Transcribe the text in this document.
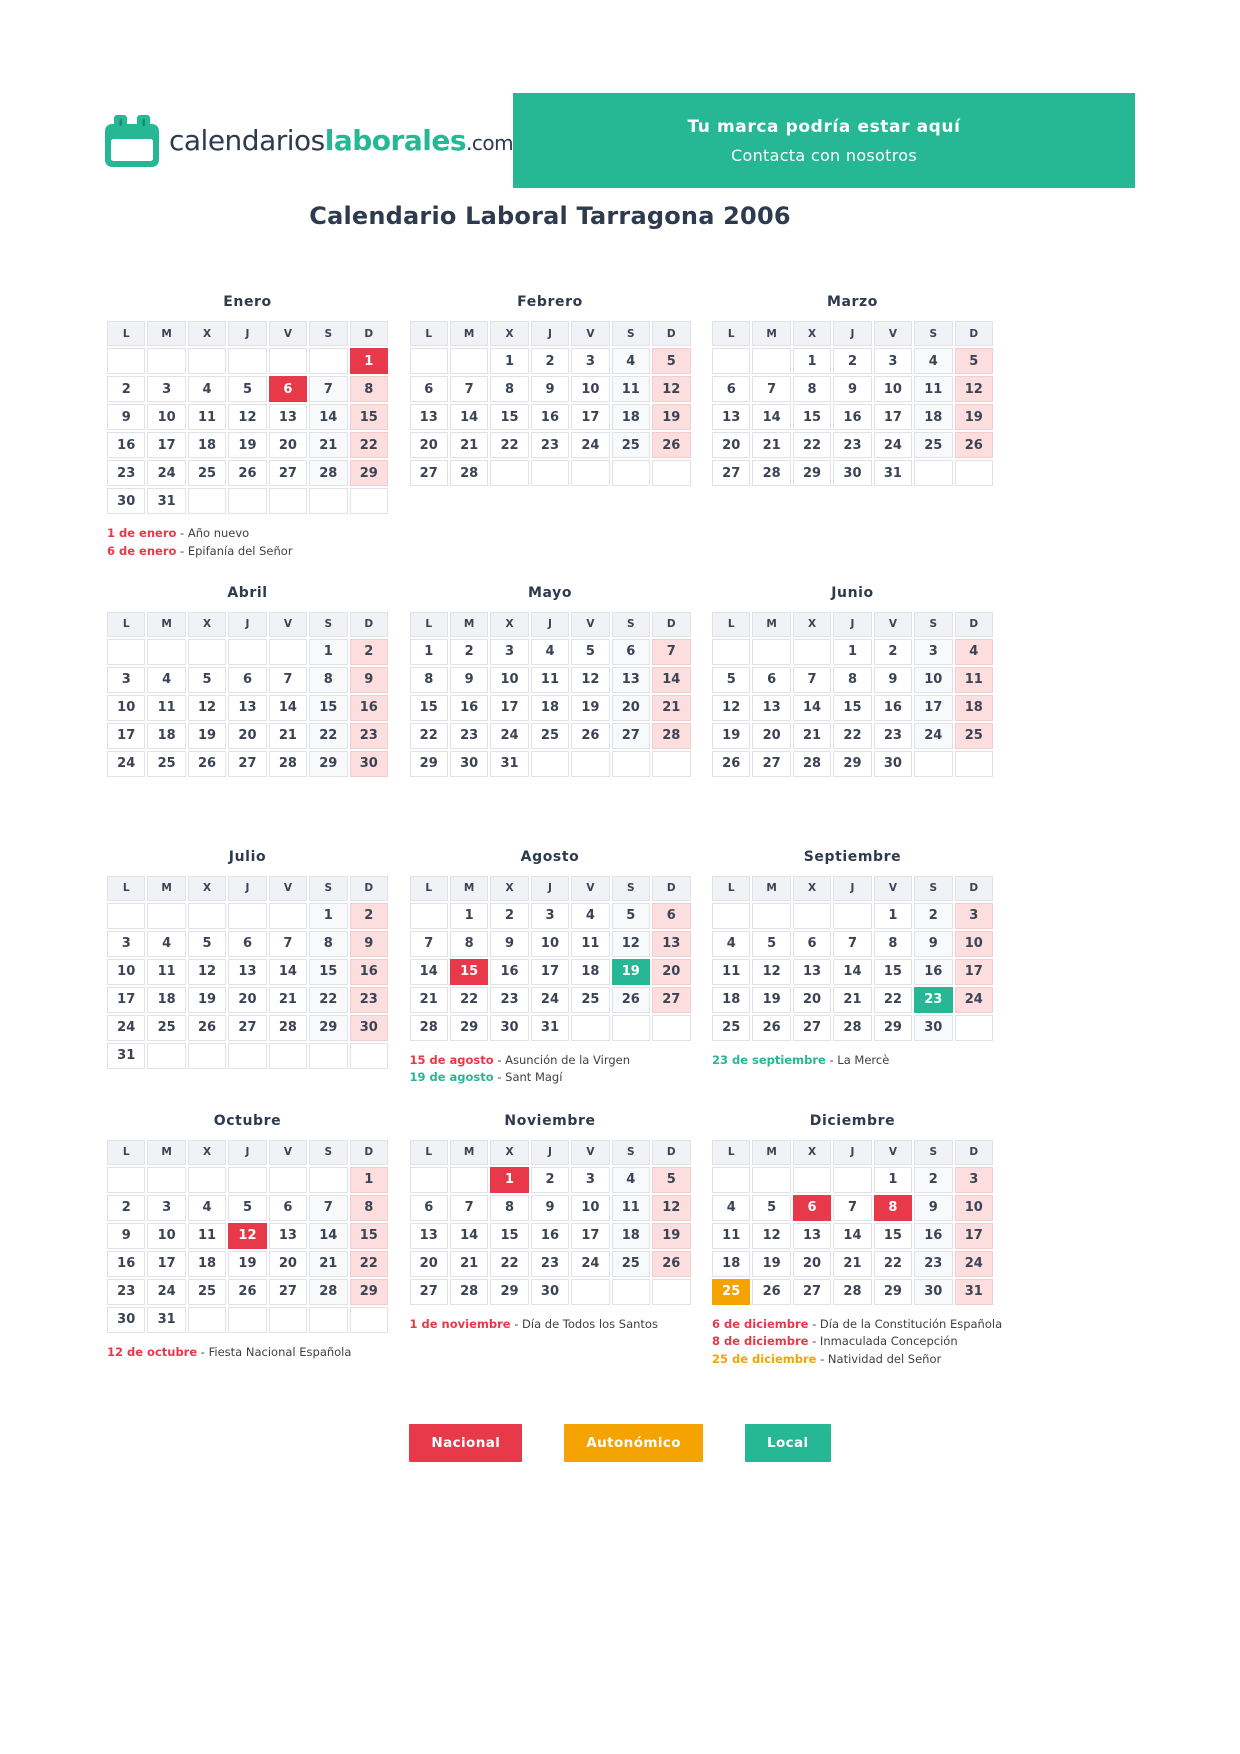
calendarioslaborales.com
Tu marca podría estar aquí
Contacta con nosotros
Calendario Laboral Tarragona 2006
Enero
L	M	X	J	V	S	D
						1
2	3	4	5	6	7	8
9	10	11	12	13	14	15
16	17	18	19	20	21	22
23	24	25	26	27	28	29
30	31					
1 de enero - Año nuevo
6 de enero - Epifanía del Señor
Febrero
L	M	X	J	V	S	D
		1	2	3	4	5
6	7	8	9	10	11	12
13	14	15	16	17	18	19
20	21	22	23	24	25	26
27	28					
Marzo
L	M	X	J	V	S	D
		1	2	3	4	5
6	7	8	9	10	11	12
13	14	15	16	17	18	19
20	21	22	23	24	25	26
27	28	29	30	31		
Abril
L	M	X	J	V	S	D
					1	2
3	4	5	6	7	8	9
10	11	12	13	14	15	16
17	18	19	20	21	22	23
24	25	26	27	28	29	30
Mayo
L	M	X	J	V	S	D
1	2	3	4	5	6	7
8	9	10	11	12	13	14
15	16	17	18	19	20	21
22	23	24	25	26	27	28
29	30	31				
Junio
L	M	X	J	V	S	D
			1	2	3	4
5	6	7	8	9	10	11
12	13	14	15	16	17	18
19	20	21	22	23	24	25
26	27	28	29	30		
Julio
L	M	X	J	V	S	D
					1	2
3	4	5	6	7	8	9
10	11	12	13	14	15	16
17	18	19	20	21	22	23
24	25	26	27	28	29	30
31						
Agosto
L	M	X	J	V	S	D
	1	2	3	4	5	6
7	8	9	10	11	12	13
14	15	16	17	18	19	20
21	22	23	24	25	26	27
28	29	30	31			
15 de agosto - Asunción de la Virgen
19 de agosto - Sant Magí
Septiembre
L	M	X	J	V	S	D
				1	2	3
4	5	6	7	8	9	10
11	12	13	14	15	16	17
18	19	20	21	22	23	24
25	26	27	28	29	30	
23 de septiembre - La Mercè
Octubre
L	M	X	J	V	S	D
						1
2	3	4	5	6	7	8
9	10	11	12	13	14	15
16	17	18	19	20	21	22
23	24	25	26	27	28	29
30	31					
12 de octubre - Fiesta Nacional Española
Noviembre
L	M	X	J	V	S	D
		1	2	3	4	5
6	7	8	9	10	11	12
13	14	15	16	17	18	19
20	21	22	23	24	25	26
27	28	29	30			
1 de noviembre - Día de Todos los Santos
Diciembre
L	M	X	J	V	S	D
				1	2	3
4	5	6	7	8	9	10
11	12	13	14	15	16	17
18	19	20	21	22	23	24
25	26	27	28	29	30	31
6 de diciembre - Día de la Constitución Española
8 de diciembre - Inmaculada Concepción
25 de diciembre - Natividad del Señor
Nacional	Autonómico	Local
